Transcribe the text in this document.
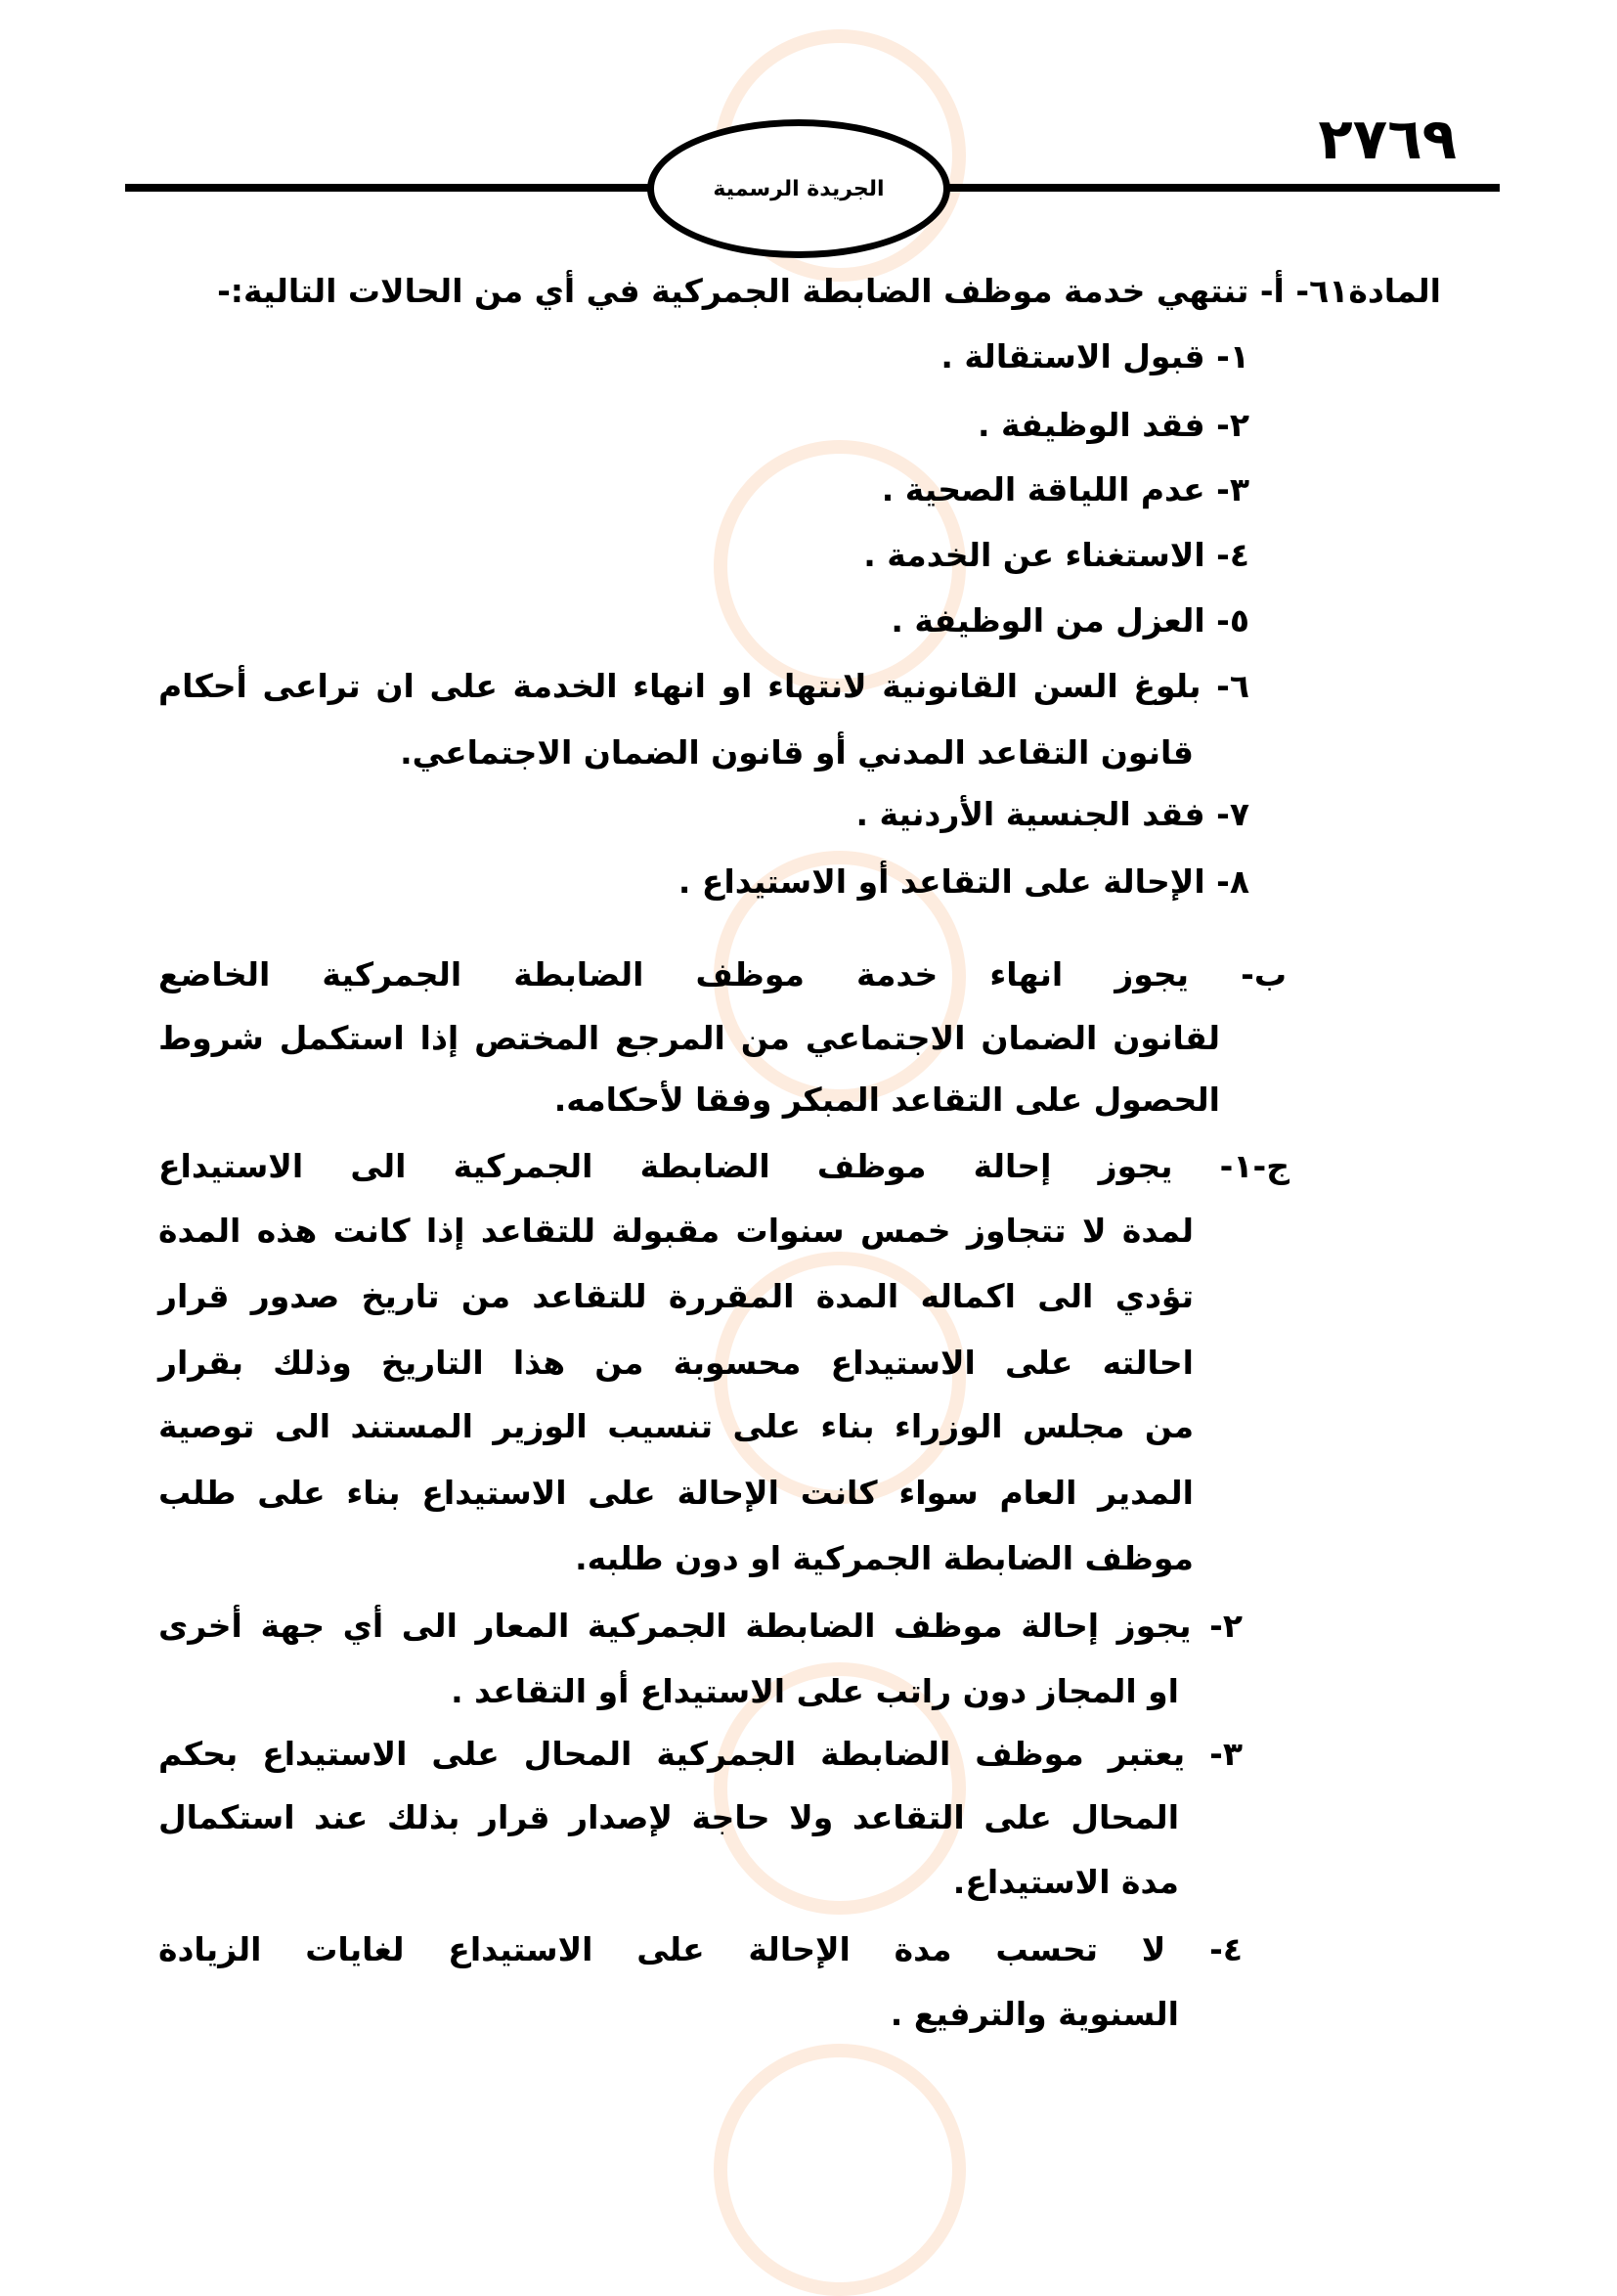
٢٧٦٩
الجريدة الرسمية
المادة٦١- أ- تنتهي خدمة موظف الضابطة الجمركية في أي من الحالات التالية:-
١- قبول الاستقالة .
٢- فقد الوظيفة .
٣- عدم اللياقة الصحية .
٤- الاستغناء عن الخدمة .
٥- العزل من الوظيفة .
٦- بلوغ السن القانونية لانتهاء او انهاء الخدمة على ان تراعى أحكام
قانون التقاعد المدني أو قانون الضمان الاجتماعي.
٧- فقد الجنسية الأردنية .
٨- الإحالة على التقاعد أو الاستيداع .
ب- يجوز انهاء خدمة موظف الضابطة الجمركية الخاضع
لقانون الضمان الاجتماعي من المرجع المختص إذا استكمل شروط
الحصول على التقاعد المبكر وفقا لأحكامه.
ج-١- يجوز إحالة موظف الضابطة الجمركية الى الاستيداع
لمدة لا تتجاوز خمس سنوات مقبولة للتقاعد إذا كانت هذه المدة
تؤدي الى اكماله المدة المقررة للتقاعد من تاريخ صدور قرار
احالته على الاستيداع محسوبة من هذا التاريخ وذلك بقرار
من مجلس الوزراء بناء على تنسيب الوزير المستند الى توصية
المدير العام سواء كانت الإحالة على الاستيداع بناء على طلب
موظف الضابطة الجمركية او دون طلبه.
٢- يجوز إحالة موظف الضابطة الجمركية المعار الى أي جهة أخرى
او المجاز دون راتب على الاستيداع أو التقاعد .
٣- يعتبر موظف الضابطة الجمركية المحال على الاستيداع بحكم
المحال على التقاعد ولا حاجة لإصدار قرار بذلك عند استكمال
مدة الاستيداع.
٤- لا تحسب مدة الإحالة على الاستيداع لغايات الزيادة
السنوية والترفيع .
